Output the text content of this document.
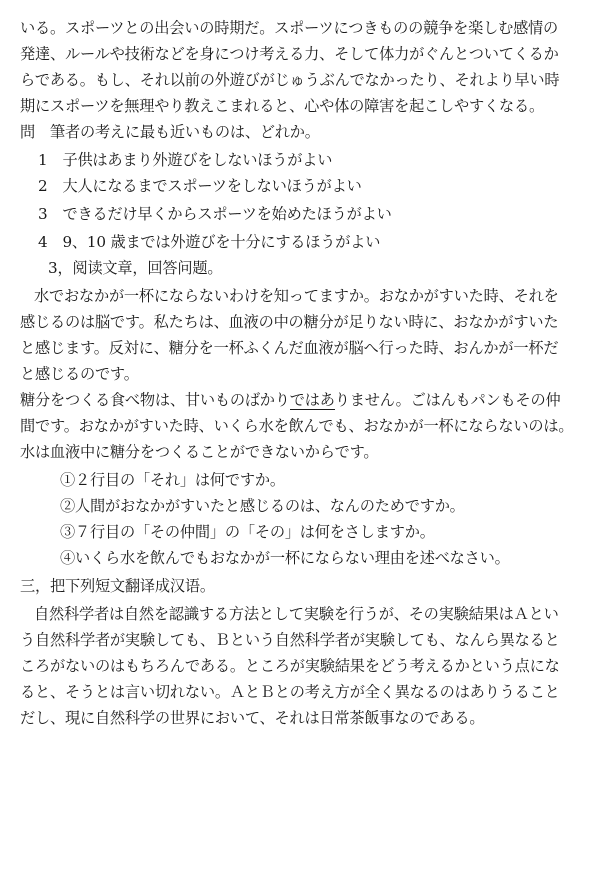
いる。スポーツとの出会いの時期だ。スポーツにつきものの競争を楽しむ感情の
発達、ルールや技術などを身につけ考える力、そして体力がぐんとついてくるか
らである。もし、それ以前の外遊びがじゅうぶんでなかったり、それより早い時
期にスポーツを無理やり教えこまれると、心や体の障害を起こしやすくなる。
問　筆者の考えに最も近いものは、どれか。
1　子供はあまり外遊びをしないほうがよい
2　大人になるまでスポーツをしないほうがよい
3　できるだけ早くからスポーツを始めたほうがよい
4　9、10 歳までは外遊びを十分にするほうがよい
3，阅读文章，回答问题。
水でおなかが一杯にならないわけを知ってますか。おなかがすいた時、それを
感じるのは脳です。私たちは、血液の中の糖分が足りない時に、おなかがすいた
と感じます。反対に、糖分を一杯ふくんだ血液が脳へ行った時、おんかが一杯だ
と感じるのです。
糖分をつくる食べ物は、甘いものばかりではありません。ごはんもパンもその仲
間です。おなかがすいた時、いくら水を飲んでも、おなかが一杯にならないのは。
水は血液中に糖分をつくることができないからです。
①２行目の「それ」は何ですか。
②人間がおなかがすいたと感じるのは、なんのためですか。
③７行目の「その仲間」の「その」は何をさしますか。
④いくら水を飲んでもおなかが一杯にならない理由を述べなさい。
三，把下列短文翻译成汉语。
自然科学者は自然を認識する方法として実験を行うが、その実験結果はＡとい
う自然科学者が実験しても、Ｂという自然科学者が実験しても、なんら異なると
ころがないのはもちろんである。ところが実験結果をどう考えるかという点にな
ると、そうとは言い切れない。ＡとＢとの考え方が全く異なるのはありうること
だし、現に自然科学の世界において、それは日常茶飯事なのである。
